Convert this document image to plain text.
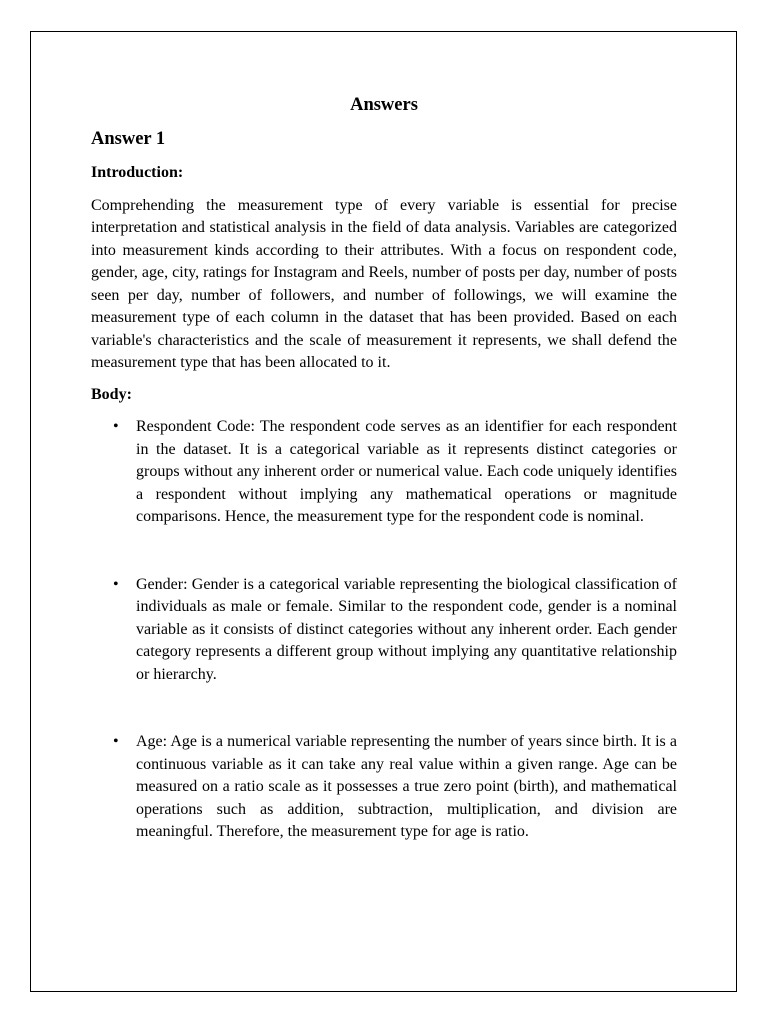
Answers
Answer 1
Introduction:

Comprehending the measurement type of every variable is essential for precise interpretation and statistical analysis in the field of data analysis. Variables are categorized into measurement kinds according to their attributes. With a focus on respondent code, gender, age, city, ratings for Instagram and Reels, number of posts per day, number of posts seen per day, number of followers, and number of followings, we will examine the measurement type of each column in the dataset that has been provided. Based on each variable's characteristics and the scale of measurement it represents, we shall defend the measurement type that has been allocated to it.

Body:
• Respondent Code: The respondent code serves as an identifier for each respondent in the dataset. It is a categorical variable as it represents distinct categories or groups without any inherent order or numerical value. Each code uniquely identifies a respondent without implying any mathematical operations or magnitude comparisons. Hence, the measurement type for the respondent code is nominal.
• Gender: Gender is a categorical variable representing the biological classification of individuals as male or female. Similar to the respondent code, gender is a nominal variable as it consists of distinct categories without any inherent order. Each gender category represents a different group without implying any quantitative relationship or hierarchy.
• Age: Age is a numerical variable representing the number of years since birth. It is a continuous variable as it can take any real value within a given range. Age can be measured on a ratio scale as it possesses a true zero point (birth), and mathematical operations such as addition, subtraction, multiplication, and division are meaningful. Therefore, the measurement type for age is ratio.
